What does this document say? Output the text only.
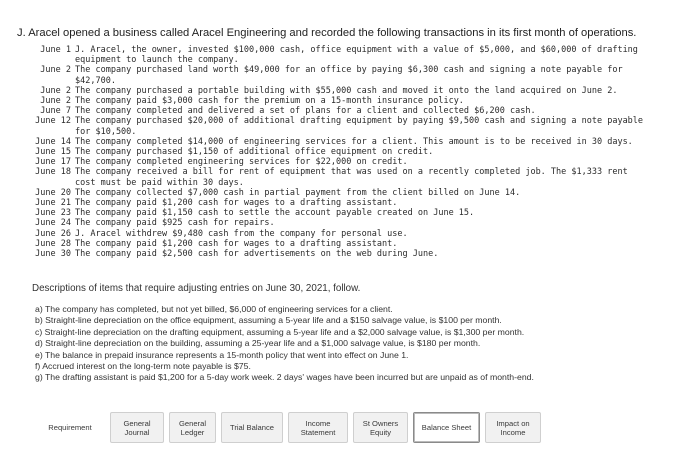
J. Aracel opened a business called Aracel Engineering and recorded the following transactions in its first month of operations.
June 1 J. Aracel, the owner, invested $100,000 cash, office equipment with a value of $5,000, and $60,000 of drafting
equipment to launch the company.
June 2 The company purchased land worth $49,000 for an office by paying $6,300 cash and signing a note payable for
$42,700.
June 2 The company purchased a portable building with $55,000 cash and moved it onto the land acquired on June 2.
June 2 The company paid $3,000 cash for the premium on a 15-month insurance policy.
June 7 The company completed and delivered a set of plans for a client and collected $6,200 cash.
June 12 The company purchased $20,000 of additional drafting equipment by paying $9,500 cash and signing a note payable
for $10,500.
June 14 The company completed $14,000 of engineering services for a client. This amount is to be received in 30 days.
June 15 The company purchased $1,150 of additional office equipment on credit.
June 17 The company completed engineering services for $22,000 on credit.
June 18 The company received a bill for rent of equipment that was used on a recently completed job. The $1,333 rent
cost must be paid within 30 days.
June 20 The company collected $7,000 cash in partial payment from the client billed on June 14.
June 21 The company paid $1,200 cash for wages to a drafting assistant.
June 23 The company paid $1,150 cash to settle the account payable created on June 15.
June 24 The company paid $925 cash for repairs.
June 26 J. Aracel withdrew $9,480 cash from the company for personal use.
June 28 The company paid $1,200 cash for wages to a drafting assistant.
June 30 The company paid $2,500 cash for advertisements on the web during June.
Descriptions of items that require adjusting entries on June 30, 2021, follow.
a) The company has completed, but not yet billed, $6,000 of engineering services for a client.
b) Straight-line depreciation on the office equipment, assuming a 5-year life and a $150 salvage value, is $100 per month.
c) Straight-line depreciation on the drafting equipment, assuming a 5-year life and a $2,000 salvage value, is $1,300 per month.
d) Straight-line depreciation on the building, assuming a 25-year life and a $1,000 salvage value, is $180 per month.
e) The balance in prepaid insurance represents a 15-month policy that went into effect on June 1.
f) Accrued interest on the long-term note payable is $75.
g) The drafting assistant is paid $1,200 for a 5-day work week. 2 days' wages have been incurred but are unpaid as of month-end.
Requirement	General
Journal
General
Ledger	Trial Balance	Income
Statement
St Owners
Equity	Balance Sheet	Impact on
Income
